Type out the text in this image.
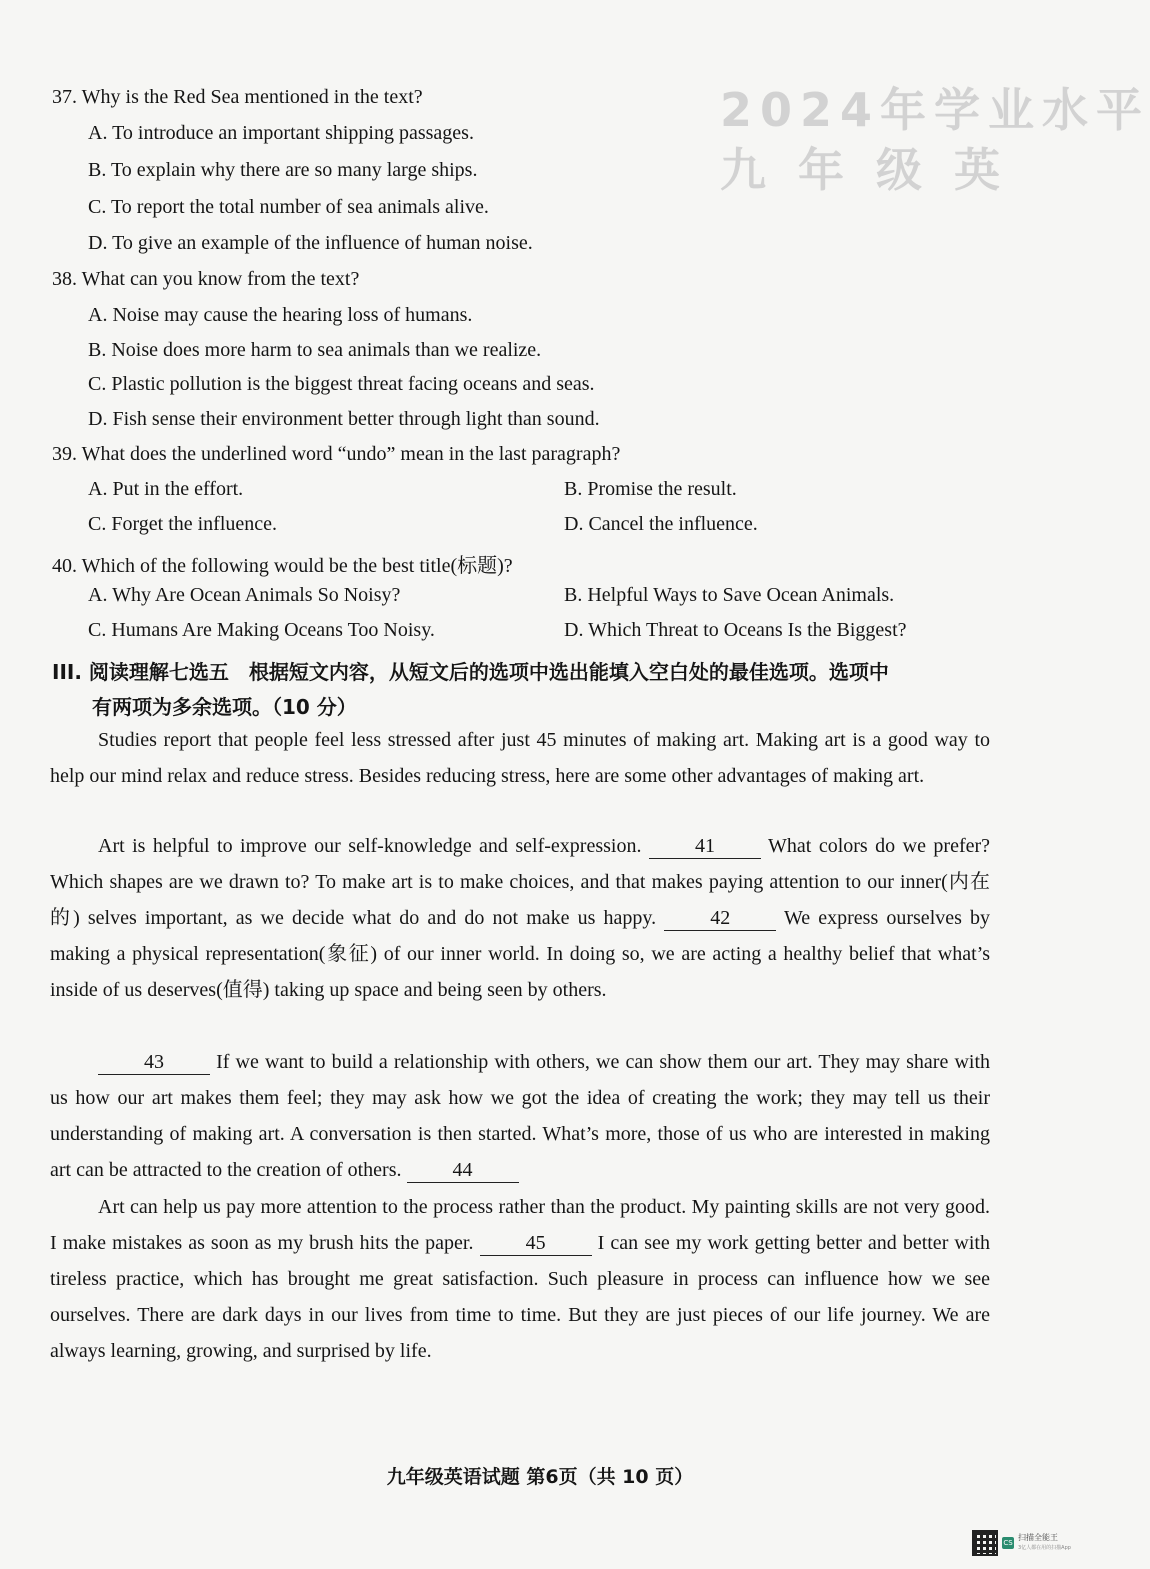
2024年学业水平
九 年 级 英
37. Why is the Red Sea mentioned in the text?
A. To introduce an important shipping passages.
B. To explain why there are so many large ships.
C. To report the total number of sea animals alive.
D. To give an example of the influence of human noise.
38. What can you know from the text?
A. Noise may cause the hearing loss of humans.
B. Noise does more harm to sea animals than we realize.
C. Plastic pollution is the biggest threat facing oceans and seas.
D. Fish sense their environment better through light than sound.
39. What does the underlined word “undo” mean in the last paragraph?
A. Put in the effort.	B. Promise the result.
C. Forget the influence.	D. Cancel the influence.
40. Which of the following would be the best title(标题)?
A. Why Are Ocean Animals So Noisy?	B. Helpful Ways to Save Ocean Animals.
C. Humans Are Making Oceans Too Noisy.	D. Which Threat to Oceans Is the Biggest?
III. 阅读理解七选五　根据短文内容，从短文后的选项中选出能填入空白处的最佳选项。选项中
有两项为多余选项。（10 分）

Studies report that people feel less stressed after just 45 minutes of making art. Making art is a good way to help our mind relax and reduce stress. Besides reducing stress, here are some other advantages of making art.

Art is helpful to improve our self-knowledge and self-expression.	41	What colors do we prefer? Which shapes are we drawn to? To make art is to make choices, and that makes paying attention to our inner(内在的) selves important, as we decide what do and do not make us happy.	42	We express ourselves by making a physical representation(象征) of our inner world. In doing so, we are acting a healthy belief that what’s inside of us deserves(值得) taking up space and being seen by others.

43	If we want to build a relationship with others, we can show them our art. They may share with us how our art makes them feel; they may ask how we got the idea of creating the work; they may tell us their understanding of making art. A conversation is then started. What’s more, those of us who are interested in making art can be attracted to the creation of others.	44

Art can help us pay more attention to the process rather than the product. My painting skills are not very good. I make mistakes as soon as my brush hits the paper.	45	I can see my work getting better and better with tireless practice, which has brought me great satisfaction. Such pleasure in process can influence how we see ourselves. There are dark days in our lives from time to time. But they are just pieces of our life journey. We are always learning, growing, and surprised by life.

九年级英语试题 第6页（共 10 页）
CS
扫描全能王
3亿人都在用的扫描App
